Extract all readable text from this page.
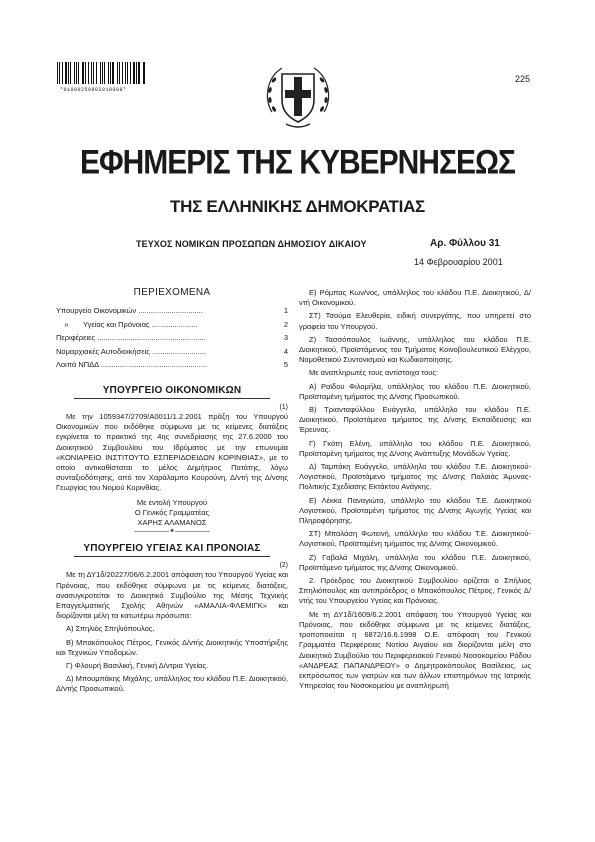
*01000250802010008*
225
ΕΦΗΜΕΡΙΣ ΤΗΣ ΚΥΒΕΡΝΗΣΕΩΣ
ΤΗΣ ΕΛΛΗΝΙΚΗΣ ΔΗΜΟΚΡΑΤΙΑΣ
ΤΕΥΧΟΣ ΝΟΜΙΚΩΝ ΠΡΟΣΩΠΩΝ ΔΗΜΟΣΙΟΥ ΔΙΚΑΙΟΥ	Αρ. Φύλλου 31
14 Φεβρουαρίου 2001
ΠΕΡΙΕΧΟΜΕΝΑ
Υπουργείο Οικονομικών ...............................	1
»       Υγείας και Πρόνοιας ......................	2
Περιφέρειες ....................................................	3
Νομαρχιακές Αυτοδιοικήσεις ..........................	4
Λοιπά ΝΠΔΔ ...................................................	5
ΥΠΟΥΡΓΕΙΟ ΟΙΚΟΝΟΜΙΚΩΝ
(1)

Με την 1059347/2709/Α0011/1.2.2001 πράξη του Υπουργού Οικονομικών που εκδόθηκε σύμφωνα με τις κείμενες διατάξεις εγκρίνεται το πρακτικό της 4ης συνεδρίασης της 27.6.2000 του Διοικητικού Συμβουλίου του Ιδρύματος με την επωνυμία «ΚΟΝΙΑΡΕΙΟ ΙΝΣΤΙΤΟΥΤΟ ΕΣΠΕΡΙΔΟΕΙΔΩΝ ΚΟΡΙΝΘΙΑΣ», με το οποίο αντικαθίσταται το μέλος Δημήτριος Πατάτης, λόγω συνταξιοδότησης, από τον Χαράλαμπο Κουρούνη, Δ/ντή της Δ/νσης Γεωργίας του Νομού Κορινθίας.

Με εντολή Υπουργού

Ο Γενικός Γραμματέας

ΧΑΡΗΣ ΑΛΑΜΑΝΟΣ

—————✦—————
ΥΠΟΥΡΓΕΙΟ ΥΓΕΙΑΣ ΚΑΙ ΠΡΟΝΟΙΑΣ
(2)

Με τη ΔΥ1δ/20227/06/6.2.2001 απόφαση του Υπουργού Υγείας και Πρόνοιας, που εκδόθηκε σύμφωνα με τις κείμενες διατάξεις, ανασυγκροτείται το Διοικητικό Συμβούλιο της Μέσης Τεχνικής Επαγγελματικής Σχολής Αθηνών «ΑΜΑΛΙΑ-ΦΛΕΜΙΓΚ» και διορίζονται μέλη τα κατωτέρω πρόσωπα:

Α) Σπηλιός Σπηλιόπουλος.

Β) Μπακόπουλος Πέτρος, Γενικός Δ/ντής Διοικητικής Υποστήριξης και Τεχνικών Υποδομών.

Γ) Φλουρή Βασιλική, Γενική Δ/ντρια Υγείας.

Δ) Μπουμπάκης Μιχάλης, υπάλληλος του κλάδου Π.Ε. Διοικητικού, Δ/ντής Προσωπικού.

Ε) Ρόμπας Κων/νος, υπάλληλος του κλάδου Π.Ε. Διοικητικού, Δ/ντή Οικονομικού.

ΣΤ) Τσούμα Ελευθερία, ειδική συνεργάτης, που υπηρετεί στο γραφείο του Υπουργού.

Ζ) Τασσόπουλος Ιωάννης, υπάλληλος του κλάδου Π.Ε. Διοικητικού, Προϊστάμενος του Τμήματος Κοινοβουλευτικού Ελέγχου, Νομοθετικού Συντονισμού και Κωδικοποίησης.

Με αναπληρωτές τους αντίστοιχα τους:

Α) Ραϊδου Φιλομήλα, υπάλληλος του κλάδου Π.Ε. Διοικητικού, Προϊσταμένη τμήματος της Δ/νσης Προσωπικού.

Β) Τριανταφύλλου Ευάγγελο, υπάλληλο του κλάδου Π.Ε. Διοικητικού, Προϊστάμενο τμήματος της Δ/νσης Εκπαίδευσης και Έρευνας.

Γ) Γκότη Ελένη, υπάλληλο του κλάδου Π.Ε. Διοικητικού, Προϊσταμένη τμήματος της Δ/νσης Ανάπτυξης Μονάδων Υγείας.

Δ) Ταμπάκη Ευάγγελο, υπάλληλο του κλάδου Τ.Ε. Διοικητικού-Λογιστικού, Προϊστάμενο τμήματος της Δ/νσης Παλαιάς Άμυνας-Πολιτικής Σχεδίασης Εκτάκτου Ανάγκης.

Ε) Λέκκα Παναγιώτα, υπάλληλο του κλάδου Τ.Ε. Διοικητικού Λογιστικού, Προϊσταμένη τμήματος της Δ/νσης Αγωγής Υγείας και Πληροφόρησης.

ΣΤ) Μπαλάση Φωτεινή, υπάλληλο του κλάδου Τ.Ε. Διοικητικού-Λογιστικού, Προϊσταμένη τμήματος της Δ/νσης Οικονομικού.

Ζ) Γαβαλά Μιχάλη, υπάλληλο του κλάδου Π.Ε. Διοικητικού, Προϊστάμενο τμήματος της Δ/νσης Οικονομικού.

2. Πρόεδρος του Διοικητικού Συμβουλίου ορίζεται ο Σπήλιος Σπηλιόπουλος και αντιπρόεδρος ο Μπακόπουλος Πέτρος, Γενικός Δ/ντής του Υπουργείου Υγείας και Πρόνοιας.

Με τη ΔΥ1δ/1609/6.2.2001 απόφαση του Υπουργού Υγείας και Πρόνοιας, που εκδόθηκε σύμφωνα με τις κείμενες διατάξεις, τροποποιείται η 6872/16.6.1998 Ο.Ε. απόφαση του Γενικού Γραμματέα Περιφέρειας Νοτίου Αιγαίου και διορίζονται μέλη στο Διοικητικό Συμβούλιο του Περιφερειακού Γενικού Νοσοκομείου Ρόδου «ΑΝΔΡΕΑΣ ΠΑΠΑΝΔΡΕΟΥ» ο Δημητρακόπουλος Βασίλειος, ως εκπρόσωπος των γιατρών και των άλλων επιστημόνων της Ιατρικής Υπηρεσίας του Νοσοκομείου με αναπληρωτή
